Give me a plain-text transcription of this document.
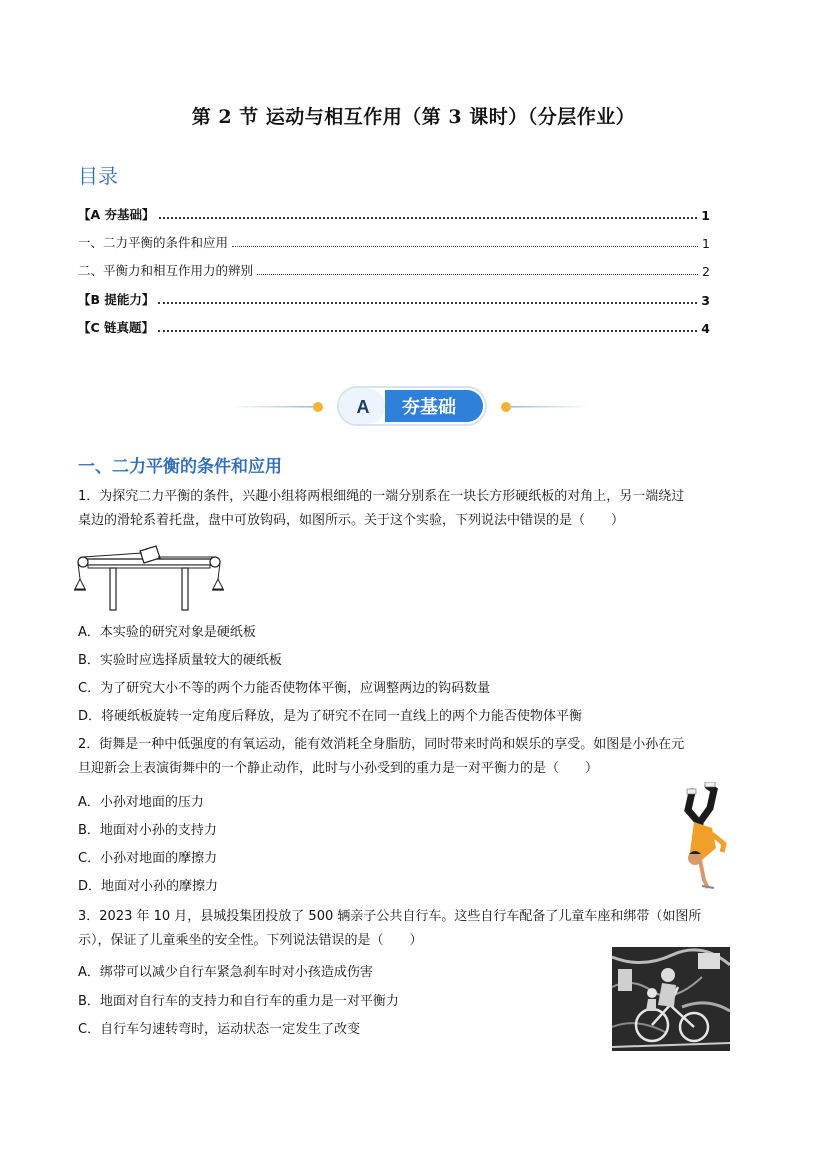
第 2 节 运动与相互作用（第 3 课时）（分层作业）
目录
【A 夯基础】	1
一、二力平衡的条件和应用	1
二、平衡力和相互作用力的辨别	2
【B 提能力】	3
【C 链真题】	4
A 夯基础
一、二力平衡的条件和应用
1．为探究二力平衡的条件，兴趣小组将两根细绳的一端分别系在一块长方形硬纸板的对角上，另一端绕过
桌边的滑轮系着托盘，盘中可放钩码，如图所示。关于这个实验，下列说法中错误的是（　　）
A．本实验的研究对象是硬纸板
B．实验时应选择质量较大的硬纸板
C．为了研究大小不等的两个力能否使物体平衡，应调整两边的钩码数量
D．将硬纸板旋转一定角度后释放，是为了研究不在同一直线上的两个力能否使物体平衡
2．街舞是一种中低强度的有氧运动，能有效消耗全身脂肪，同时带来时尚和娱乐的享受。如图是小孙在元
旦迎新会上表演街舞中的一个静止动作，此时与小孙受到的重力是一对平衡力的是（　　）
A．小孙对地面的压力
B．地面对小孙的支持力
C．小孙对地面的摩擦力
D．地面对小孙的摩擦力
3．2023 年 10 月，县城投集团投放了 500 辆亲子公共自行车。这些自行车配备了儿童车座和绑带（如图所
示），保证了儿童乘坐的安全性。下列说法错误的是（　　）
A．绑带可以减少自行车紧急刹车时对小孩造成伤害
B．地面对自行车的支持力和自行车的重力是一对平衡力
C．自行车匀速转弯时，运动状态一定发生了改变
